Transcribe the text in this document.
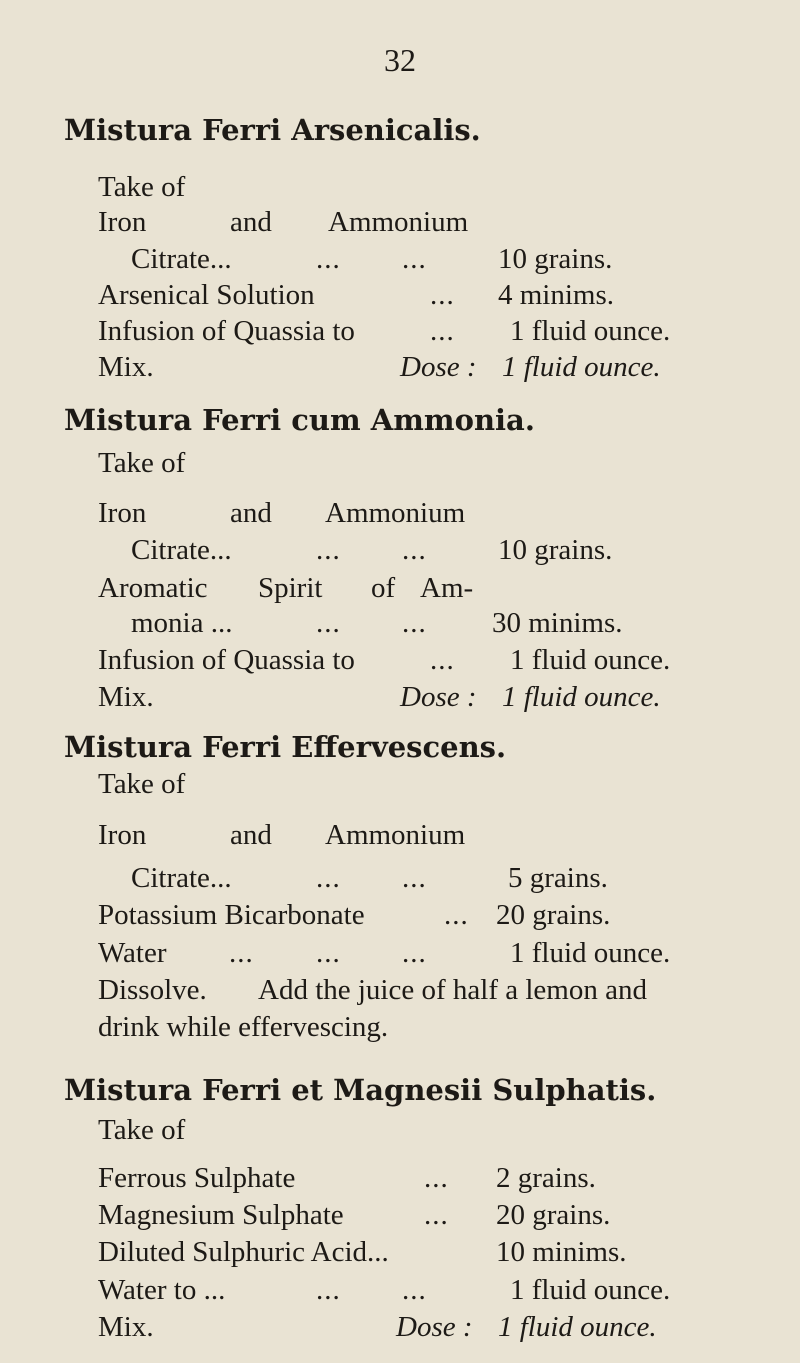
32
Mistura Ferri Arsenicalis.
Take of
Iron	and Ammonium
Citrate...	... ... 10 grains.
Arsenical Solution	... 4 minims.
Infusion of Quassia to	... 1 fluid ounce.
Mix.	Dose : 1 fluid ounce.
Mistura Ferri cum Ammonia.
Take of
Iron	and Ammonium
Citrate...	... ... 10 grains.
Aromatic Spirit of Am-
monia ...	... ... 30 minims.
Infusion of Quassia to	... 1 fluid ounce.
Mix.	Dose : 1 fluid ounce.
Mistura Ferri Effervescens.
Take of
Iron	and Ammonium
Citrate...	... ...	5 grains.
Potassium Bicarbonate	... 20 grains.
Water ... ... ...	1 fluid ounce.
Dissolve. Add the juice of half a lemon and
drink while effervescing.
Mistura Ferri et Magnesii Sulphatis.
Take of
Ferrous Sulphate	... 2 grains.
Magnesium Sulphate	... 20 grains.
Diluted Sulphuric Acid...	10 minims.
Water to ...	... ...	1 fluid ounce.
Mix.	Dose : 1 fluid ounce.
